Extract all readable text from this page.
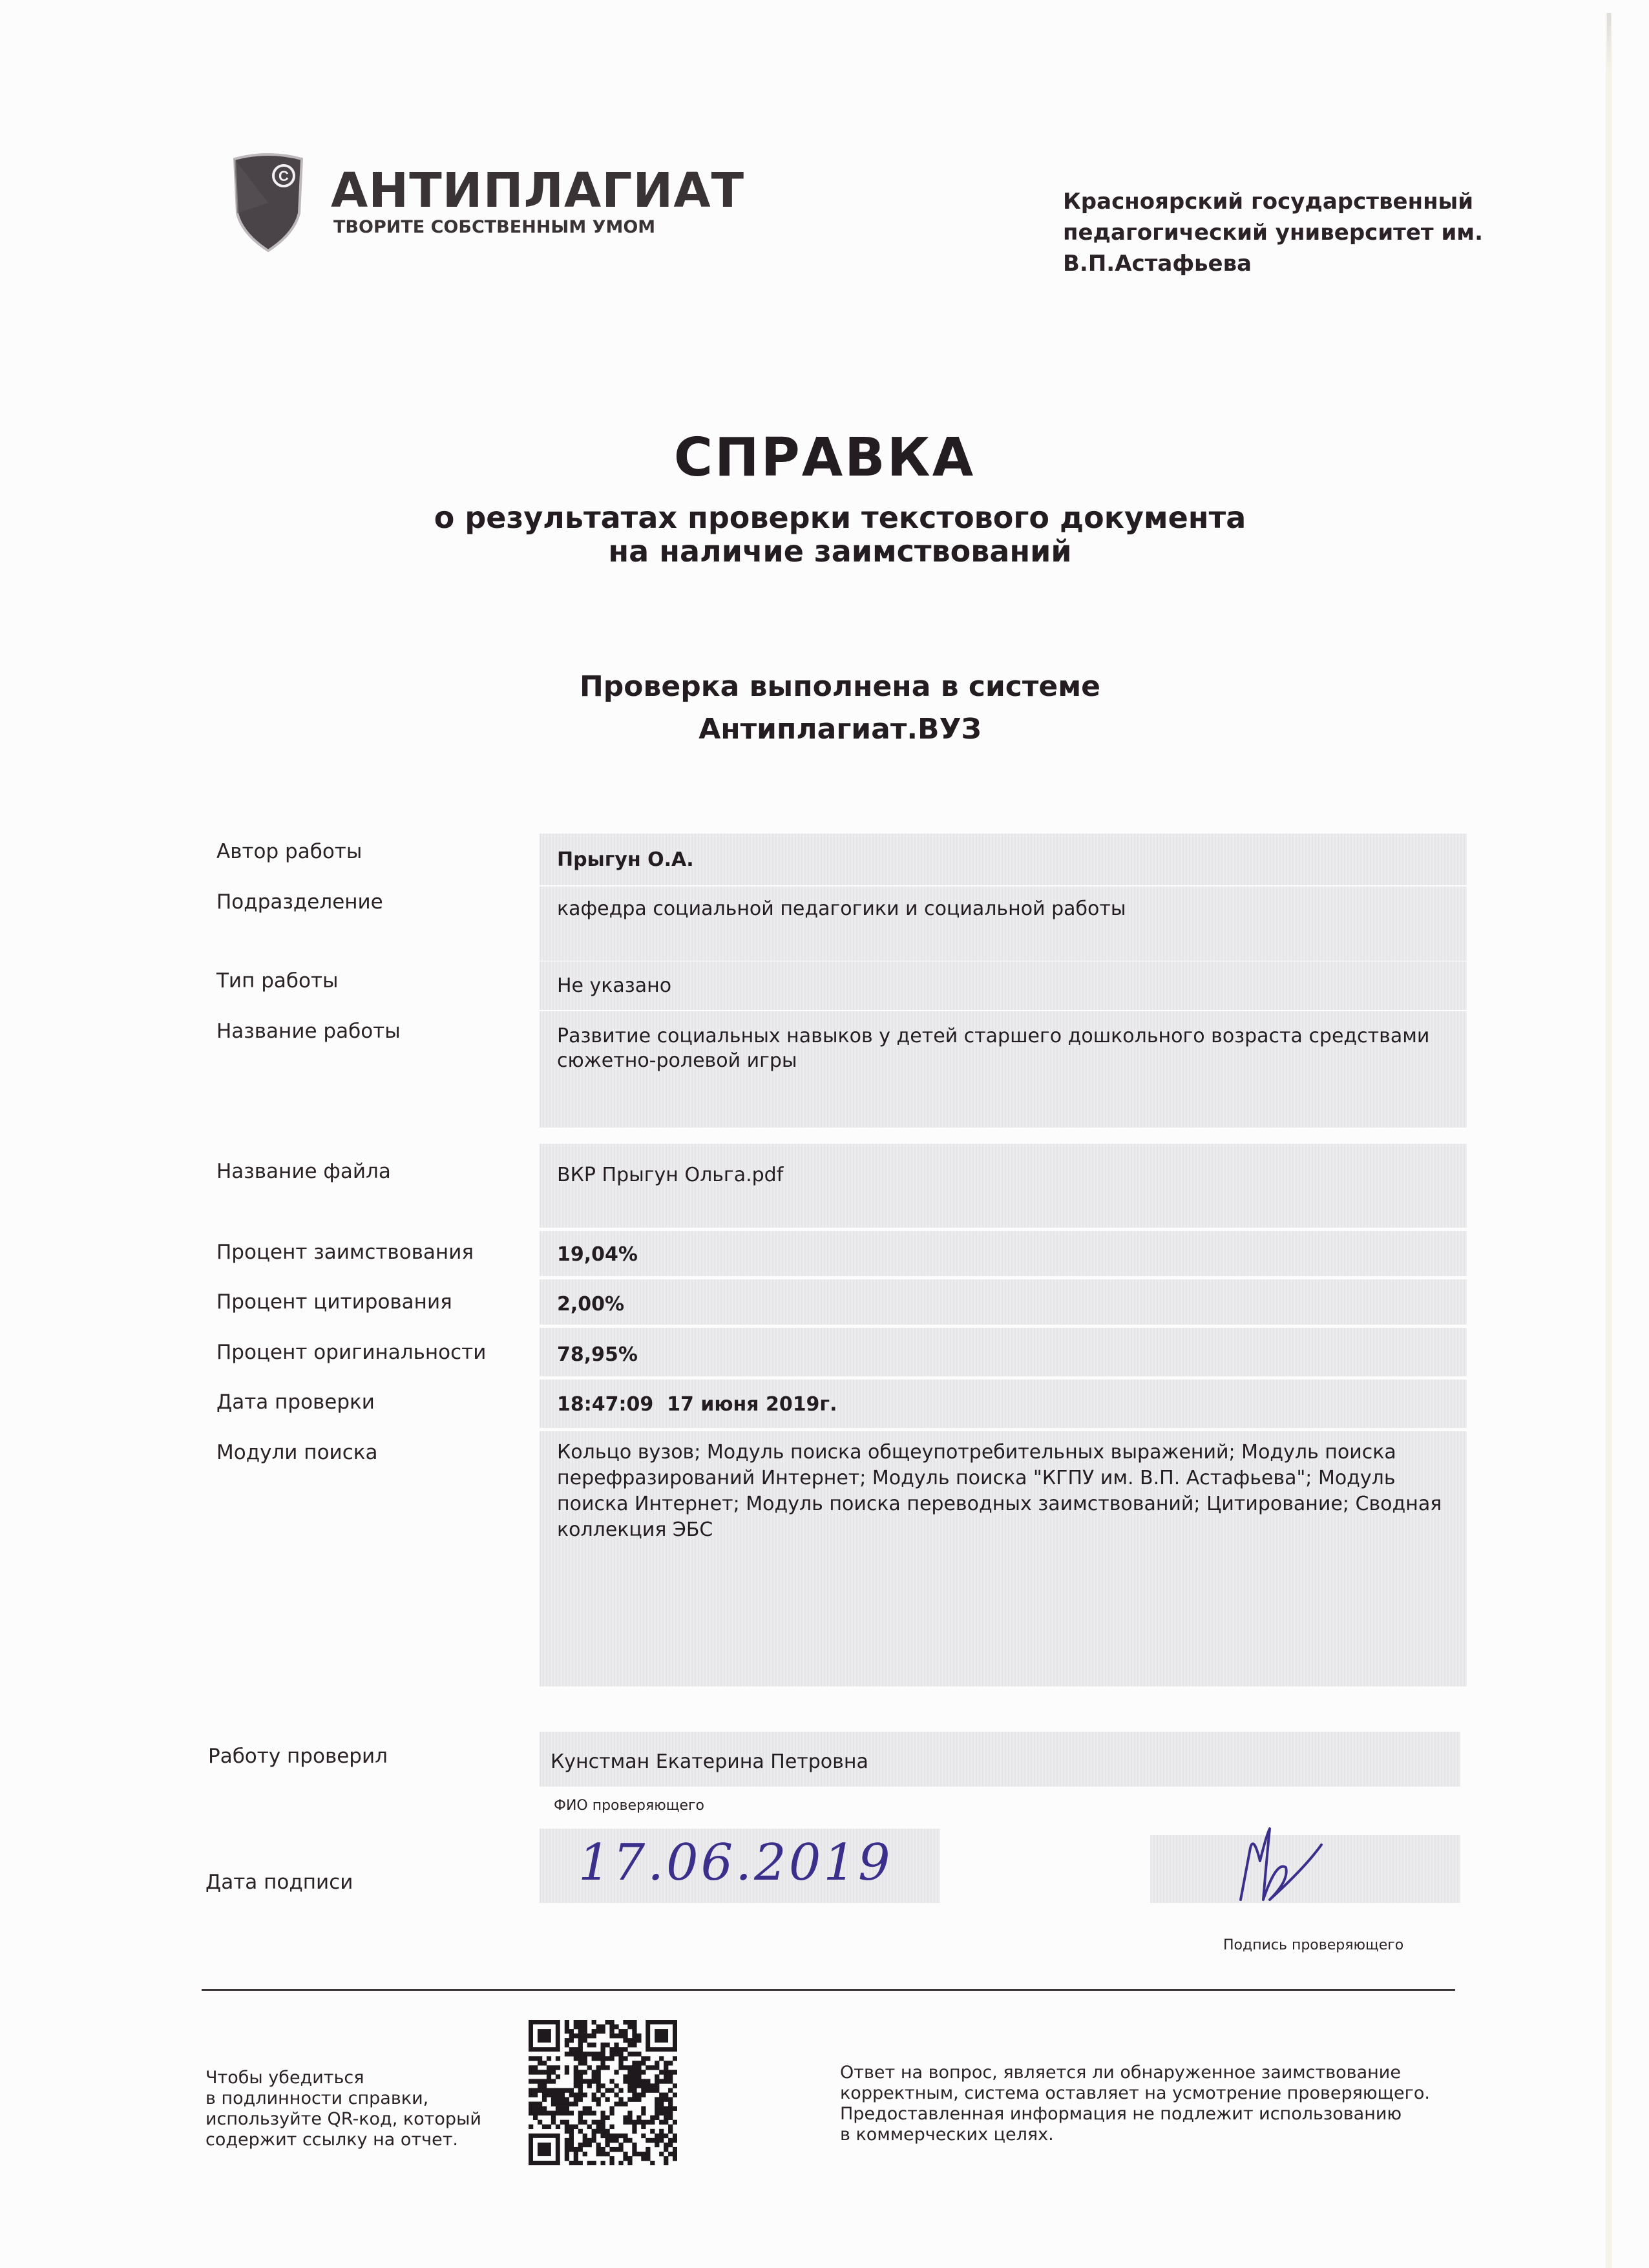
C АНТИПЛАГИАТ
ТВОРИТЕ СОБСТВЕННЫМ УМОМ
Красноярский государственный
педагогический университет им.
В.П.Астафьева
СПРАВКА
о результатах проверки текстового документа
на наличие заимствований
Проверка выполнена в системе
Антиплагиат.ВУЗ
Автор работы
Подразделение
Тип работы
Название работы
Название файла
Процент заимствования
Процент цитирования
Процент оригинальности
Дата проверки
Модули поиска
Прыгун О.А.
кафедра социальной педагогики и социальной работы
Не указано
Развитие социальных навыков у детей старшего дошкольного возраста средствами
сюжетно-ролевой игры
ВКР Прыгун Ольга.pdf
19,04%
2,00%
78,95%
18:47:09  17 июня 2019г.
Кольцо вузов; Модуль поиска общеупотребительных выражений; Модуль поиска
перефразирований Интернет; Модуль поиска "КГПУ им. В.П. Астафьева"; Модуль
поиска Интернет; Модуль поиска переводных заимствований; Цитирование; Сводная
коллекция ЭБС
Работу проверил	Кунстман Екатерина Петровна
ФИО проверяющего
Дата подписи	17.06.2019
Подпись проверяющего
Чтобы убедиться
в подлинности справки,
используйте QR-код, который
содержит ссылку на отчет.
Ответ на вопрос, является ли обнаруженное заимствование
корректным, система оставляет на усмотрение проверяющего.
Предоставленная информация не подлежит использованию
в коммерческих целях.
